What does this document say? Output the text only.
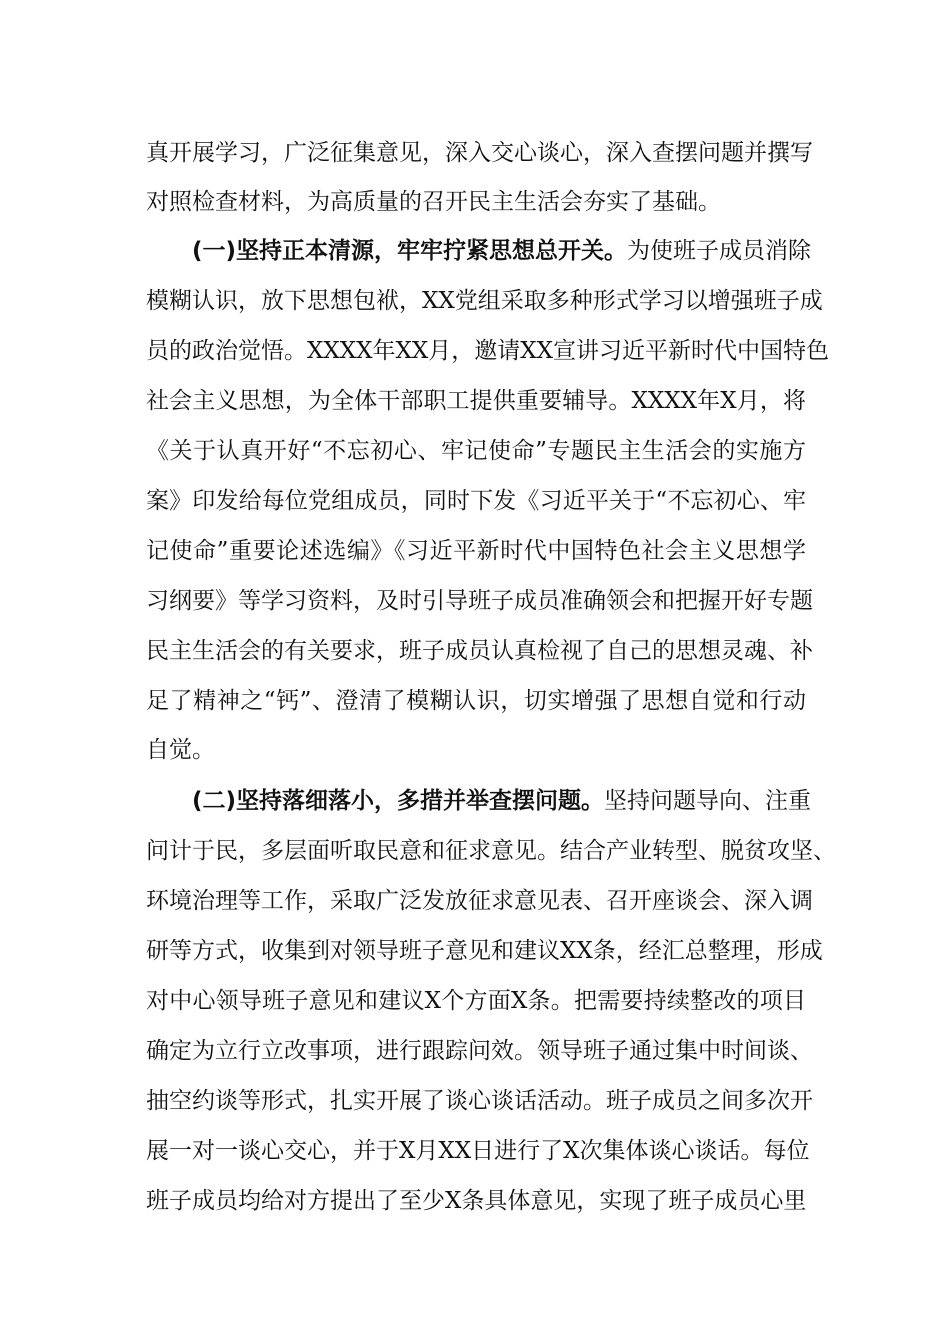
真开展学习，广泛征集意见，深入交心谈心，深入查摆问题并撰写
对照检查材料，为高质量的召开民主生活会夯实了基础。
(一)坚持正本清源，牢牢拧紧思想总开关。为使班子成员消除
模糊认识，放下思想包袱，XX党组采取多种形式学习以增强班子成
员的政治觉悟。XXXX年XX月，邀请XX宣讲习近平新时代中国特色
社会主义思想，为全体干部职工提供重要辅导。XXXX年X月，将
《关于认真开好“不忘初心、牢记使命”专题民主生活会的实施方
案》印发给每位党组成员，同时下发《习近平关于“不忘初心、牢
记使命”重要论述选编》《习近平新时代中国特色社会主义思想学
习纲要》等学习资料，及时引导班子成员准确领会和把握开好专题
民主生活会的有关要求，班子成员认真检视了自己的思想灵魂、补
足了精神之“钙”、澄清了模糊认识，切实增强了思想自觉和行动
自觉。
(二)坚持落细落小，多措并举查摆问题。坚持问题导向、注重
问计于民，多层面听取民意和征求意见。结合产业转型、脱贫攻坚、
环境治理等工作，采取广泛发放征求意见表、召开座谈会、深入调
研等方式，收集到对领导班子意见和建议XX条，经汇总整理，形成
对中心领导班子意见和建议X个方面X条。把需要持续整改的项目
确定为立行立改事项，进行跟踪问效。领导班子通过集中时间谈、
抽空约谈等形式，扎实开展了谈心谈话活动。班子成员之间多次开
展一对一谈心交心，并于X月XX日进行了X次集体谈心谈话。每位
班子成员均给对方提出了至少X条具体意见，实现了班子成员心里
